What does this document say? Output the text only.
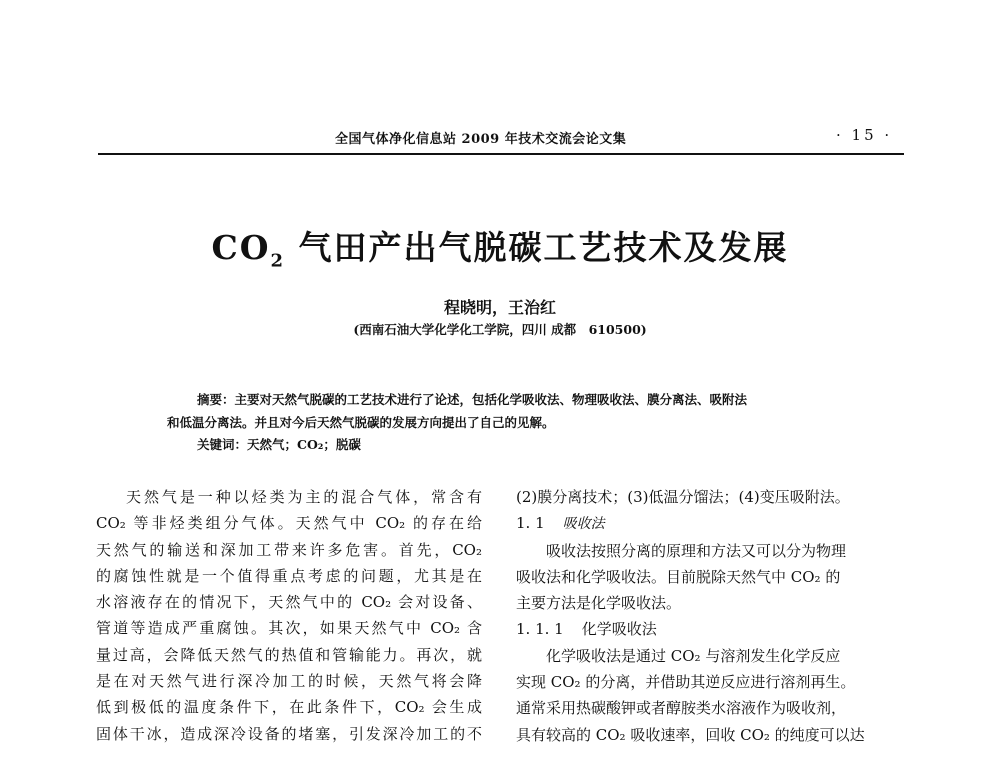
全国气体净化信息站 2009 年技术交流会论文集	· 15 ·
$CO_2$ 气田产出气脱碳工艺技术及发展
程晓明，王治红
(西南石油大学化学化工学院，四川 成都　610500)

摘要：主要对天然气脱碳的工艺技术进行了论述，包括化学吸收法、物理吸收法、膜分离法、吸附法

和低温分离法。并且对今后天然气脱碳的发展方向提出了自己的见解。

关键词：天然气；CO₂；脱碳

天然气是一种以烃类为主的混合气体，常含有

CO₂ 等非烃类组分气体。天然气中 CO₂ 的存在给

天然气的输送和深加工带来许多危害。首先，CO₂

的腐蚀性就是一个值得重点考虑的问题，尤其是在

水溶液存在的情况下，天然气中的 CO₂ 会对设备、

管道等造成严重腐蚀。其次，如果天然气中 CO₂ 含

量过高，会降低天然气的热值和管输能力。再次，就

是在对天然气进行深冷加工的时候，天然气将会降

低到极低的温度条件下，在此条件下，CO₂ 会生成

固体干冰，造成深冷设备的堵塞，引发深冷加工的不

(2)膜分离技术；(3)低温分馏法；(4)变压吸附法。

1. 1 吸收法

吸收法按照分离的原理和方法又可以分为物理

吸收法和化学吸收法。目前脱除天然气中 CO₂ 的

主要方法是化学吸收法。

1. 1. 1 化学吸收法

化学吸收法是通过 CO₂ 与溶剂发生化学反应

实现 CO₂ 的分离，并借助其逆反应进行溶剂再生。

通常采用热碳酸钾或者醇胺类水溶液作为吸收剂，

具有较高的 CO₂ 吸收速率，回收 CO₂ 的纯度可以达
